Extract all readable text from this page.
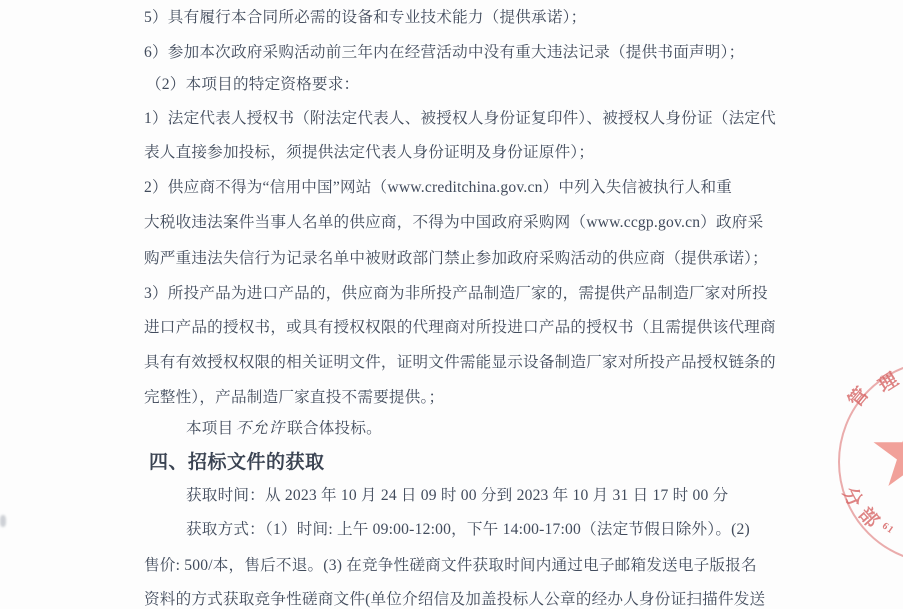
5）具有履行本合同所必需的设备和专业技术能力（提供承诺）；
6）参加本次政府采购活动前三年内在经营活动中没有重大违法记录（提供书面声明）；
（2）本项目的特定资格要求：
1）法定代表人授权书（附法定代表人、被授权人身份证复印件）、被授权人身份证（法定代
表人直接参加投标，须提供法定代表人身份证明及身份证原件）；
2）供应商不得为“信用中国”网站（www.creditchina.gov.cn）中列入失信被执行人和重
大税收违法案件当事人名单的供应商，不得为中国政府采购网（www.ccgp.gov.cn）政府采
购严重违法失信行为记录名单中被财政部门禁止参加政府采购活动的供应商（提供承诺）；
3）所投产品为进口产品的，供应商为非所投产品制造厂家的，需提供产品制造厂家对所投
进口产品的授权书，或具有授权权限的代理商对所投进口产品的授权书（且需提供该代理商
具有有效授权权限的相关证明文件，证明文件需能显示设备制造厂家对所投产品授权链条的
完整性），产品制造厂家直投不需要提供。；
本项目 不允许 联合体投标。
四、招标文件的获取
获取时间：从 2023 年 10 月 24 日 09 时 00 分到 2023 年 10 月 31 日 17 时 00 分
获取方式：（1）时间: 上午 09:00-12:00，下午 14:00-17:00（法定节假日除外）。(2)
售价: 500/本，售后不退。(3) 在竞争性磋商文件获取时间内通过电子邮箱发送电子版报名
资料的方式获取竞争性磋商文件(单位介绍信及加盖投标人公章的经办人身份证扫描件发送
管
理
分
部
61
